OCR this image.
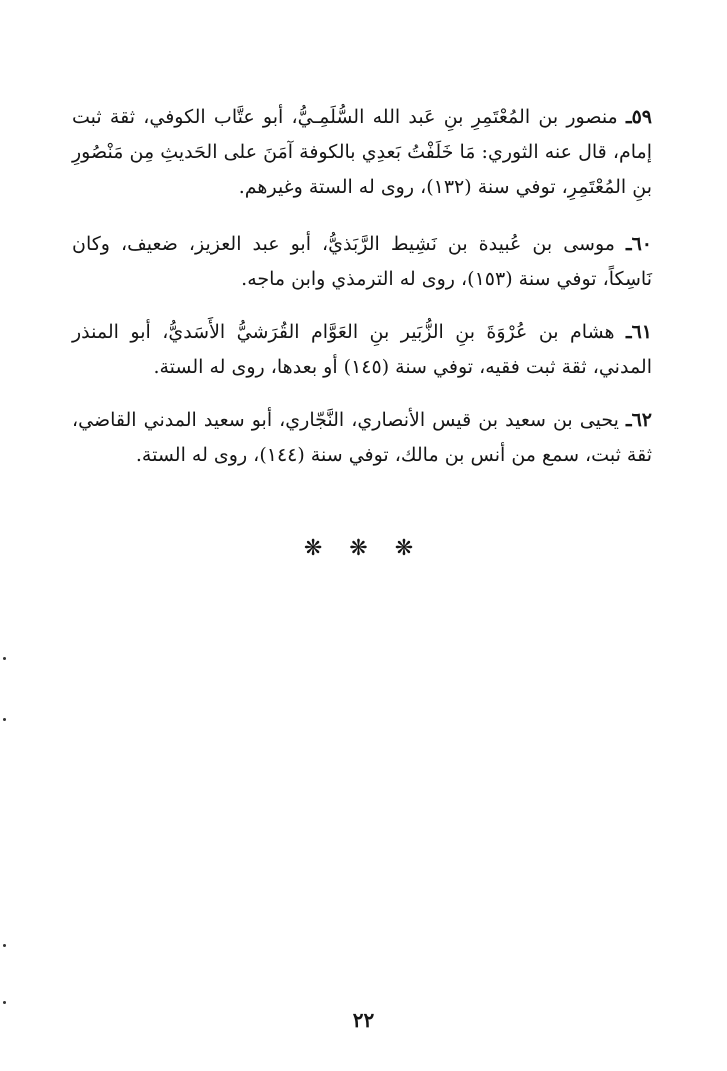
٥٩ـ منصور بن المُعْتَمِرِ بنِ عَبد الله السُّلَمِـيُّ، أبو عتَّاب الكوفي، ثقة ثبت إمام، قال عنه الثوري: مَا خَلَفْتُ بَعدِي بالكوفة آمَنَ على الحَديثِ مِن مَنْصُورِ بنِ المُعْتَمِرِ، توفي سنة (١٣٢)، روى له الستة وغيرهم.

٦٠ـ موسى بن عُبيدة بن نَشِيط الرَّبَذيُّ، أبو عبد العزيز، ضعيف، وكان نَاسِكاً، توفي سنة (١٥٣)، روى له الترمذي وابن ماجه.

٦١ـ هشام بن عُرْوَةَ بنِ الزُّبَير بنِ العَوَّام القُرَشيُّ الأَسَديُّ، أبو المنذر المدني، ثقة ثبت فقيه، توفي سنة (١٤٥) أو بعدها، روى له الستة.

٦٢ـ يحيى بن سعيد بن قيس الأنصاري، النَّجّاري، أبو سعيد المدني القاضي، ثقة ثبت، سمع من أنس بن مالك، توفي سنة (١٤٤)، روى له الستة.

❋ ❋ ❋
٢٢
